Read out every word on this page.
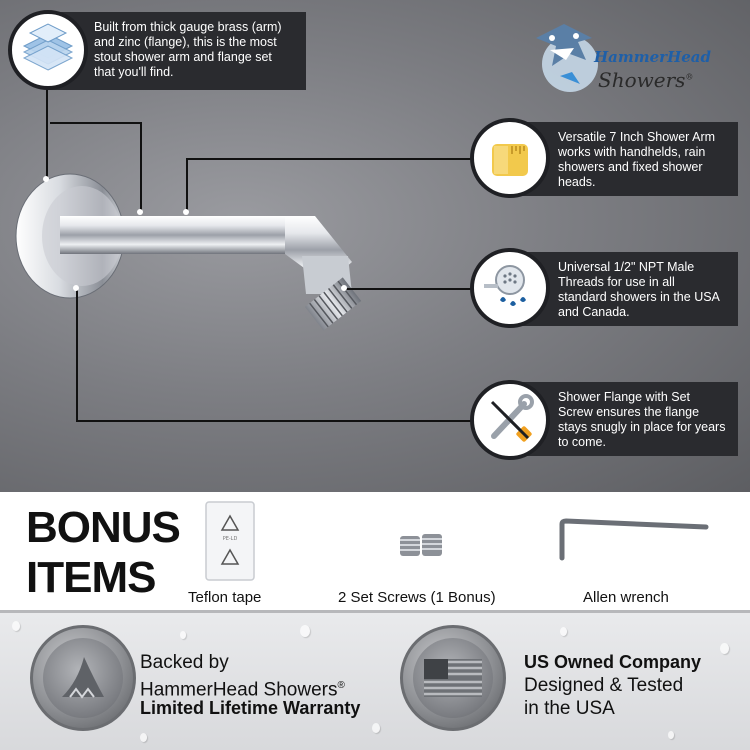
Built from thick gauge brass (arm) and zinc (flange), this is the most stout shower arm and flange set that you'll find.
HammerHead
Showers®
Versatile 7 Inch Shower Arm works with handhelds, rain showers and fixed shower heads.
Universal 1/2" NPT Male Threads for use in all standard showers in the USA and Canada.
Shower Flange with Set Screw ensures the flange stays snugly in place for years to come.
BONUS
ITEMS
PE-LD
Teflon tape	2 Set Screws (1 Bonus)	Allen wrench
Backed by
HammerHead Showers®
Limited Lifetime Warranty
US Owned Company
Designed & Tested
in the USA
